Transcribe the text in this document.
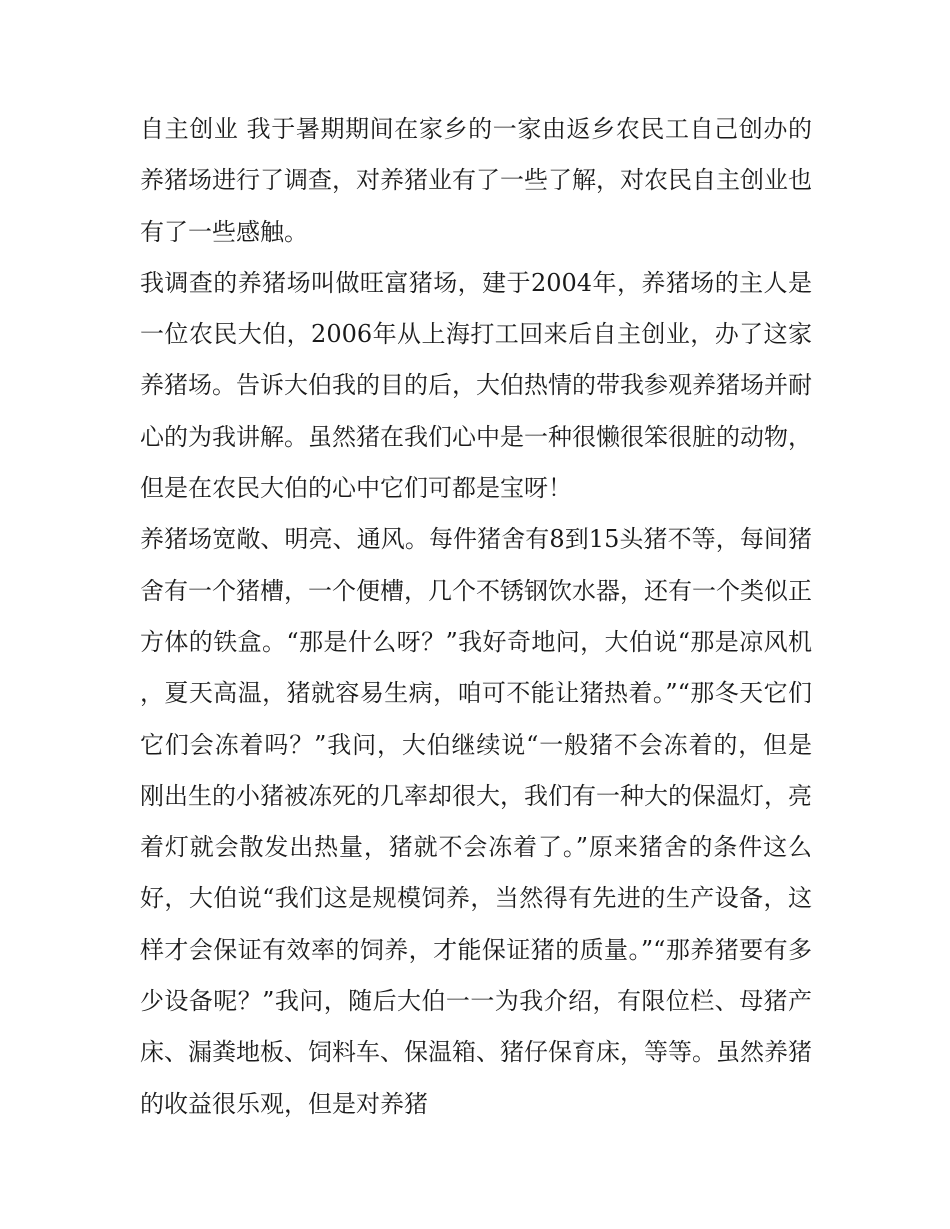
自主创业 我于暑期期间在家乡的一家由返乡农民工自己创办的养猪场进行了调查，对养猪业有了一些了解，对农民自主创业也有了一些感触。

我调查的养猪场叫做旺富猪场，建于2004年，养猪场的主人是一位农民大伯，2006年从上海打工回来后自主创业，办了这家养猪场。告诉大伯我的目的后，大伯热情的带我参观养猪场并耐心的为我讲解。虽然猪在我们心中是一种很懒很笨很脏的动物，但是在农民大伯的心中它们可都是宝呀！

养猪场宽敞、明亮、通风。每件猪舍有8到15头猪不等，每间猪舍有一个猪槽，一个便槽，几个不锈钢饮水器，还有一个类似正方体的铁盒。“那是什么呀？”我好奇地问，大伯说“那是凉风机，夏天高温，猪就容易生病，咱可不能让猪热着。”“那冬天它们它们会冻着吗？”我问，大伯继续说“一般猪不会冻着的，但是刚出生的小猪被冻死的几率却很大，我们有一种大的保温灯，亮着灯就会散发出热量，猪就不会冻着了。”原来猪舍的条件这么好，大伯说“我们这是规模饲养，当然得有先进的生产设备，这样才会保证有效率的饲养，才能保证猪的质量。”“那养猪要有多少设备呢？”我问，随后大伯一一为我介绍，有限位栏、母猪产床、漏粪地板、饲料车、保温箱、猪仔保育床，等等。虽然养猪的收益很乐观，但是对养猪
